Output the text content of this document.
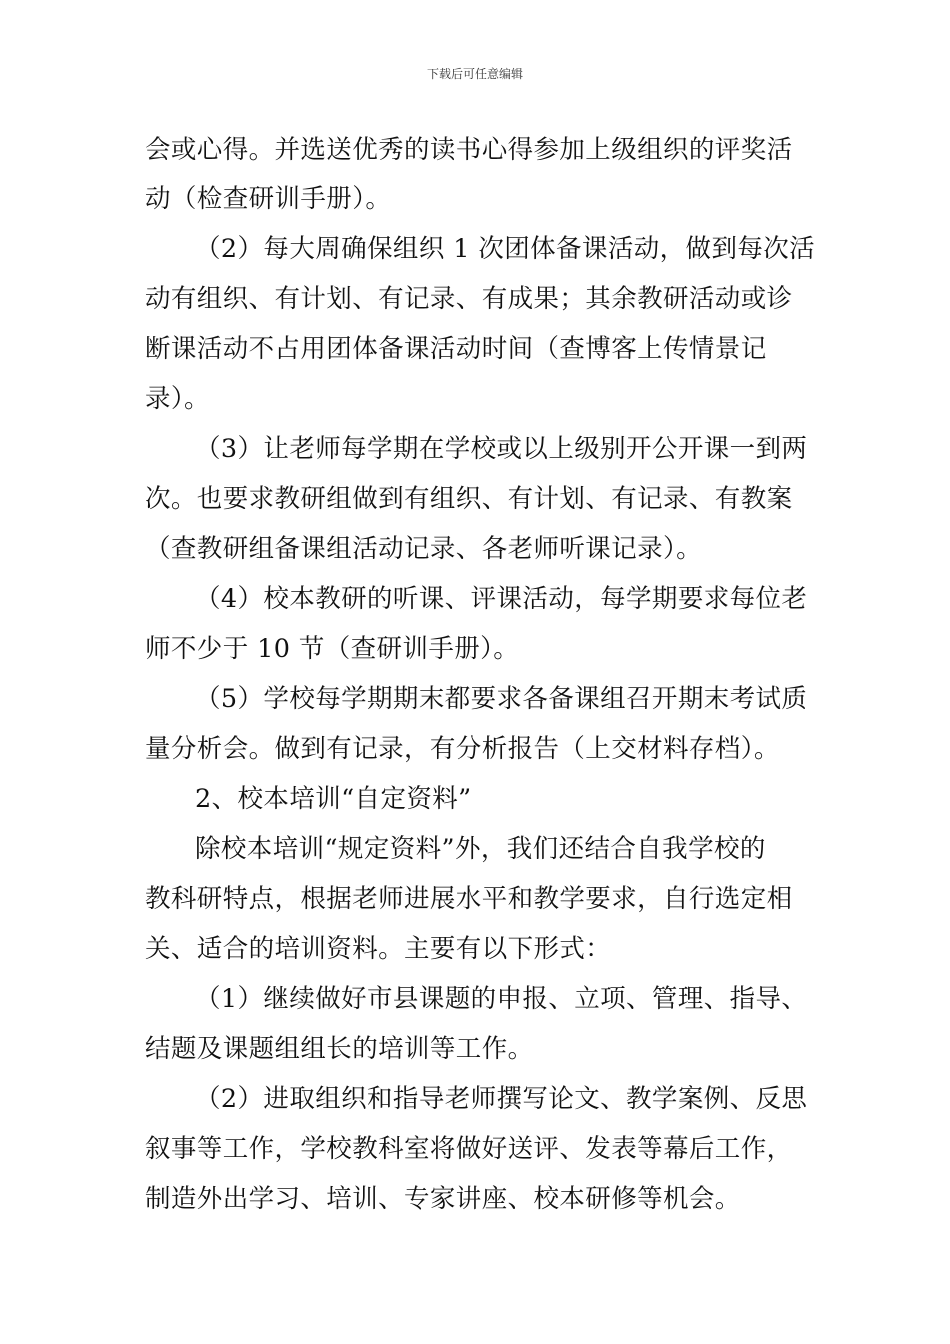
下载后可任意编辑
会或心得。并选送优秀的读书心得参加上级组织的评奖活
动（检查研训手册）。
（2）每大周确保组织 1 次团体备课活动，做到每次活
动有组织、有计划、有记录、有成果；其余教研活动或诊
断课活动不占用团体备课活动时间（查博客上传情景记
录）。
（3）让老师每学期在学校或以上级别开公开课一到两
次。也要求教研组做到有组织、有计划、有记录、有教案
（查教研组备课组活动记录、各老师听课记录）。
（4）校本教研的听课、评课活动，每学期要求每位老
师不少于 10 节（查研训手册）。
（5）学校每学期期末都要求各备课组召开期末考试质
量分析会。做到有记录，有分析报告（上交材料存档）。
2、校本培训“自定资料”
除校本培训“规定资料”外，我们还结合自我学校的
教科研特点，根据老师进展水平和教学要求，自行选定相
关、适合的培训资料。主要有以下形式：
（1）继续做好市县课题的申报、立项、管理、指导、
结题及课题组组长的培训等工作。
（2）进取组织和指导老师撰写论文、教学案例、反思
叙事等工作，学校教科室将做好送评、发表等幕后工作，
制造外出学习、培训、专家讲座、校本研修等机会。
